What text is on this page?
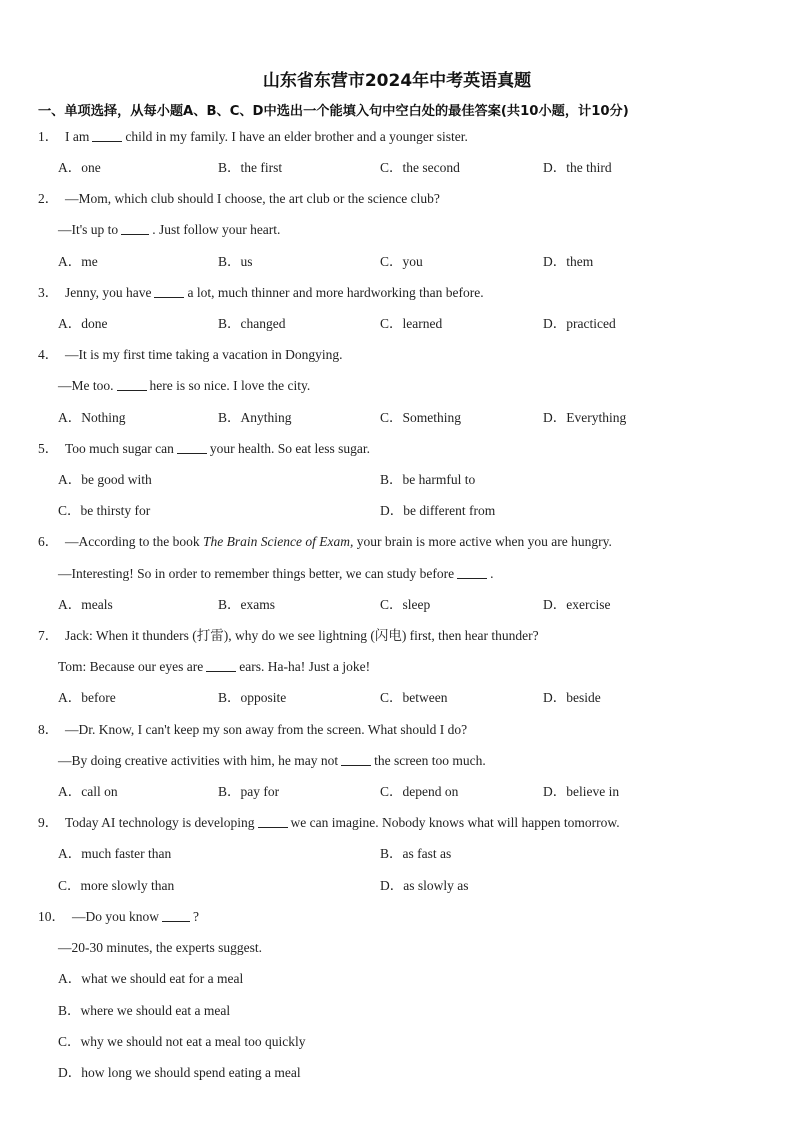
山东省东营市2024年中考英语真题
一、单项选择，从每小题A、B、C、D中选出一个能填入句中空白处的最佳答案(共10小题，计10分)
1． I am	child in my family. I have an elder brother and a younger sister.
A．one	B．the first	C．the second	D．the third
2． —Mom, which club should I choose, the art club or the science club?
—It's up to	. Just follow your heart.
A．me	B．us	C．you	D．them
3． Jenny, you have	a lot, much thinner and more hardworking than before.
A．done	B．changed	C．learned	D．practiced
4． —It is my first time taking a vacation in Dongying.
—Me too.	here is so nice. I love the city.
A．Nothing	B．Anything	C．Something	D．Everything
5． Too much sugar can	your health. So eat less sugar.
A．be good with	B．be harmful to
C．be thirsty for	D．be different from
6． —According to the book The Brain Science of Exam, your brain is more active when you are hungry.
—Interesting! So in order to remember things better, we can study before	.
A．meals	B．exams	C．sleep	D．exercise
7． Jack: When it thunders (打雷), why do we see lightning (闪电) first, then hear thunder?
Tom: Because our eyes are	ears. Ha-ha! Just a joke!
A．before	B．opposite	C．between	D．beside
8． —Dr. Know, I can't keep my son away from the screen. What should I do?
—By doing creative activities with him, he may not	the screen too much.
A．call on	B．pay for	C．depend on	D．believe in
9． Today AI technology is developing	we can imagine. Nobody knows what will happen tomorrow.
A．much faster than	B．as fast as
C．more slowly than	D．as slowly as
10． —Do you know	?
—20-30 minutes, the experts suggest.
A．what we should eat for a meal
B．where we should eat a meal
C．why we should not eat a meal too quickly
D．how long we should spend eating a meal
